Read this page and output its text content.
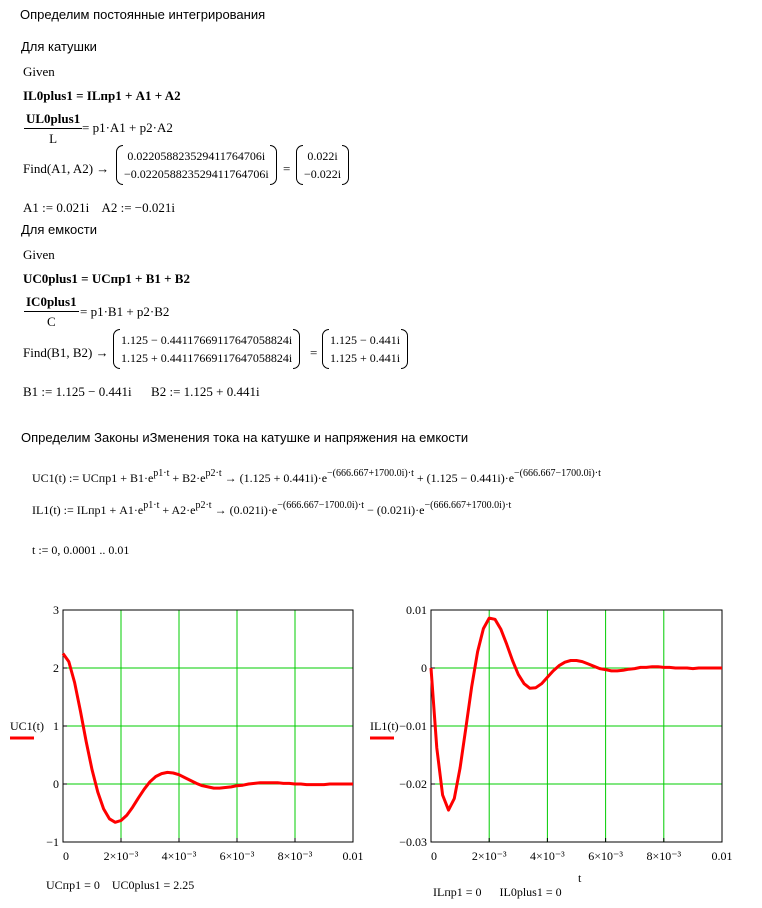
Определим постоянные интегрирования
Для катушки
Given
IL0plus1 = ILпр1 + A1 + A2
UL0plus1
L
= p1·A1 + p2·A2
Find(A1, A2) →
0.022058823529411764706i
−0.022058823529411764706i	=
0.022i
−0.022i
A1 := 0.021i    A2 := −0.021i
Для емкости
Given
UC0plus1 = UCпр1 + B1 + B2
IC0plus1
C
= p1·B1 + p2·B2
Find(B1, B2) →
1.125 − 0.44117669117647058824i
1.125 + 0.44117669117647058824i	=
1.125 − 0.441i
1.125 + 0.441i
B1 := 1.125 − 0.441i      B2 := 1.125 + 0.441i
Определим Законы иЗменения тока на катушке и напряжения на емкости
UC1(t) := UCпр1 + $B1\cdot e^{p1\cdot t} + B2\cdot e^{p2\cdot t} \to (1.125 + 0.441i)\cdot e^{-(666.667+1700.0i)\cdot t} + (1.125 - 0.441i)\cdot e^{-(666.667-1700.0i)\cdot t}$
IL1(t) := ILпр1 + $A1\cdot e^{p1\cdot t} + A2\cdot e^{p2\cdot t} \to (0.021i)\cdot e^{-(666.667-1700.0i)\cdot t} - (0.021i)\cdot e^{-(666.667+1700.0i)\cdot t}$
t := 0, 0.0001 .. 0.01
0	2×10⁻³ 4×10⁻³ 6×10⁻³ 8×10⁻³	0.01
3
2
1
0
−1
UC1(t)
0	2×10⁻³ 4×10⁻³ 6×10⁻³ 8×10⁻³	0.01
0.01
0
−0.01
−0.02
−0.03
IL1(t)
t
UCпр1 = 0    UC0plus1 = 2.25	ILпр1 = 0      IL0plus1 = 0
